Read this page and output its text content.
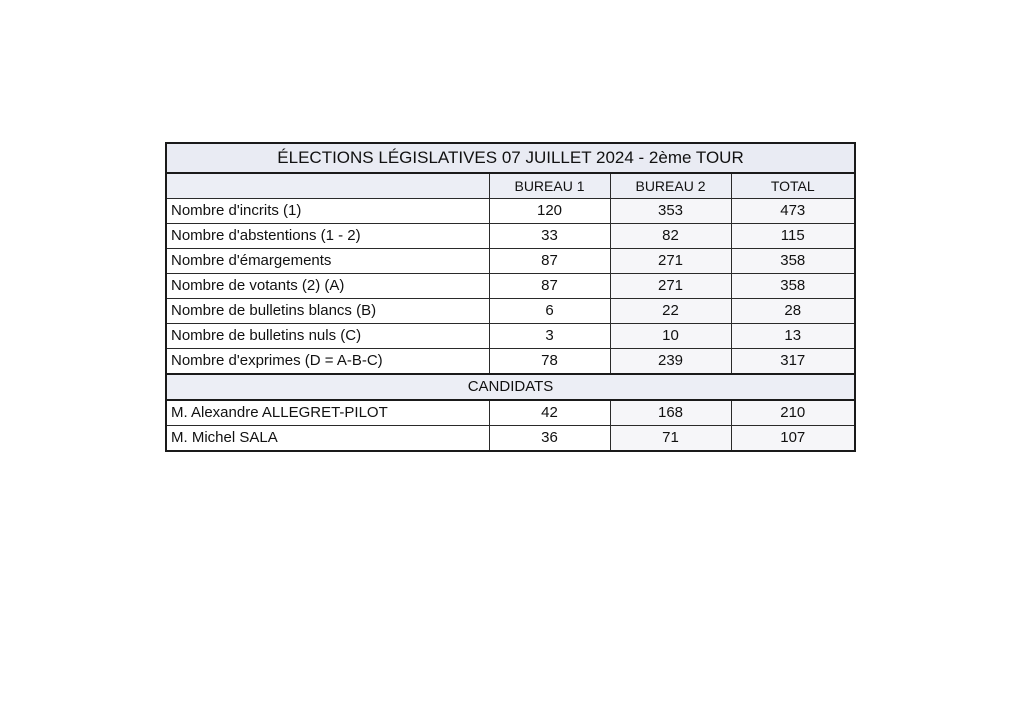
ÉLECTIONS LÉGISLATIVES 07 JUILLET 2024 - 2ème TOUR			
	BUREAU 1	BUREAU 2	TOTAL
Nombre d'incrits (1)	120	353	473
Nombre d'abstentions (1 - 2)	33	82	115
Nombre d'émargements	87	271	358
Nombre de votants (2) (A)	87	271	358
Nombre de bulletins blancs (B)	6	22	28
Nombre de bulletins nuls (C)	3	10	13
Nombre d'exprimes (D = A-B-C)	78	239	317
CANDIDATS			
M. Alexandre ALLEGRET-PILOT	42	168	210
M. Michel SALA	36	71	107
